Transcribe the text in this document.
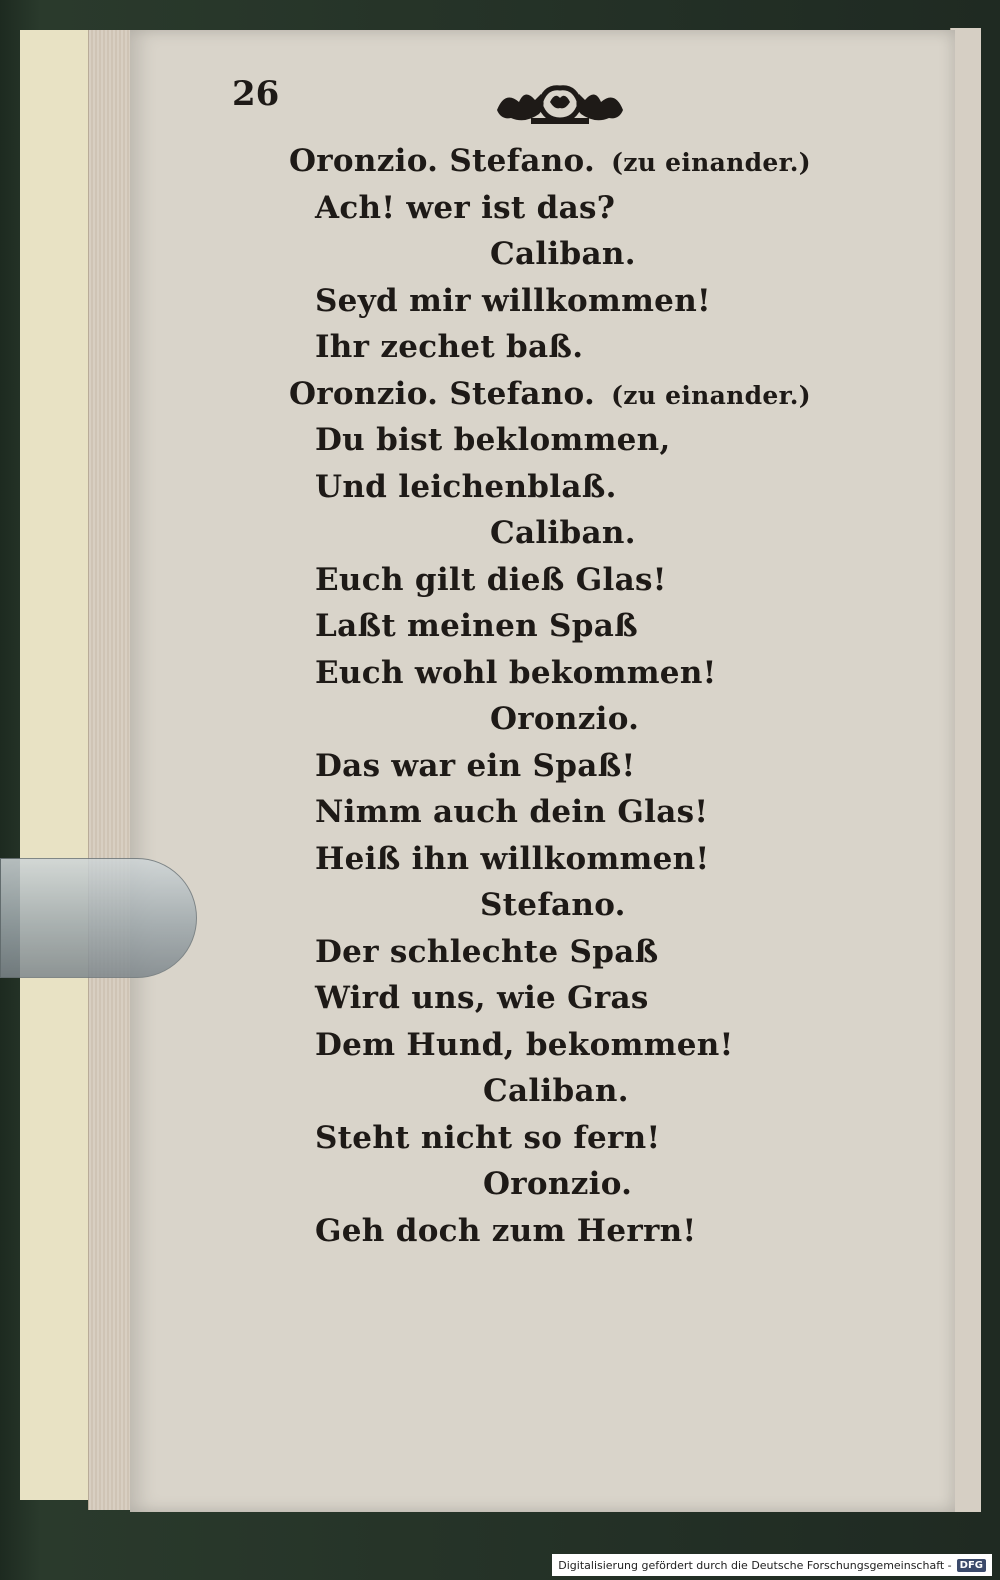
26
Oronzio. Stefano. (zu einander.)
Ach! wer ist das?
Caliban.
Seyd mir willkommen!
Ihr zechet baß.
Oronzio. Stefano. (zu einander.)
Du bist beklommen,
Und leichenblaß.
Caliban.
Euch gilt dieß Glas!
Laßt meinen Spaß
Euch wohl bekommen!
Oronzio.
Das war ein Spaß!
Nimm auch dein Glas!
Heiß ihn willkommen!
Stefano.
Der schlechte Spaß
Wird uns, wie Gras
Dem Hund, bekommen!
Caliban.
Steht nicht so fern!
Oronzio.
Geh doch zum Herrn!
Digitalisierung gefördert durch die Deutsche Forschungsgemeinschaft - DFG
